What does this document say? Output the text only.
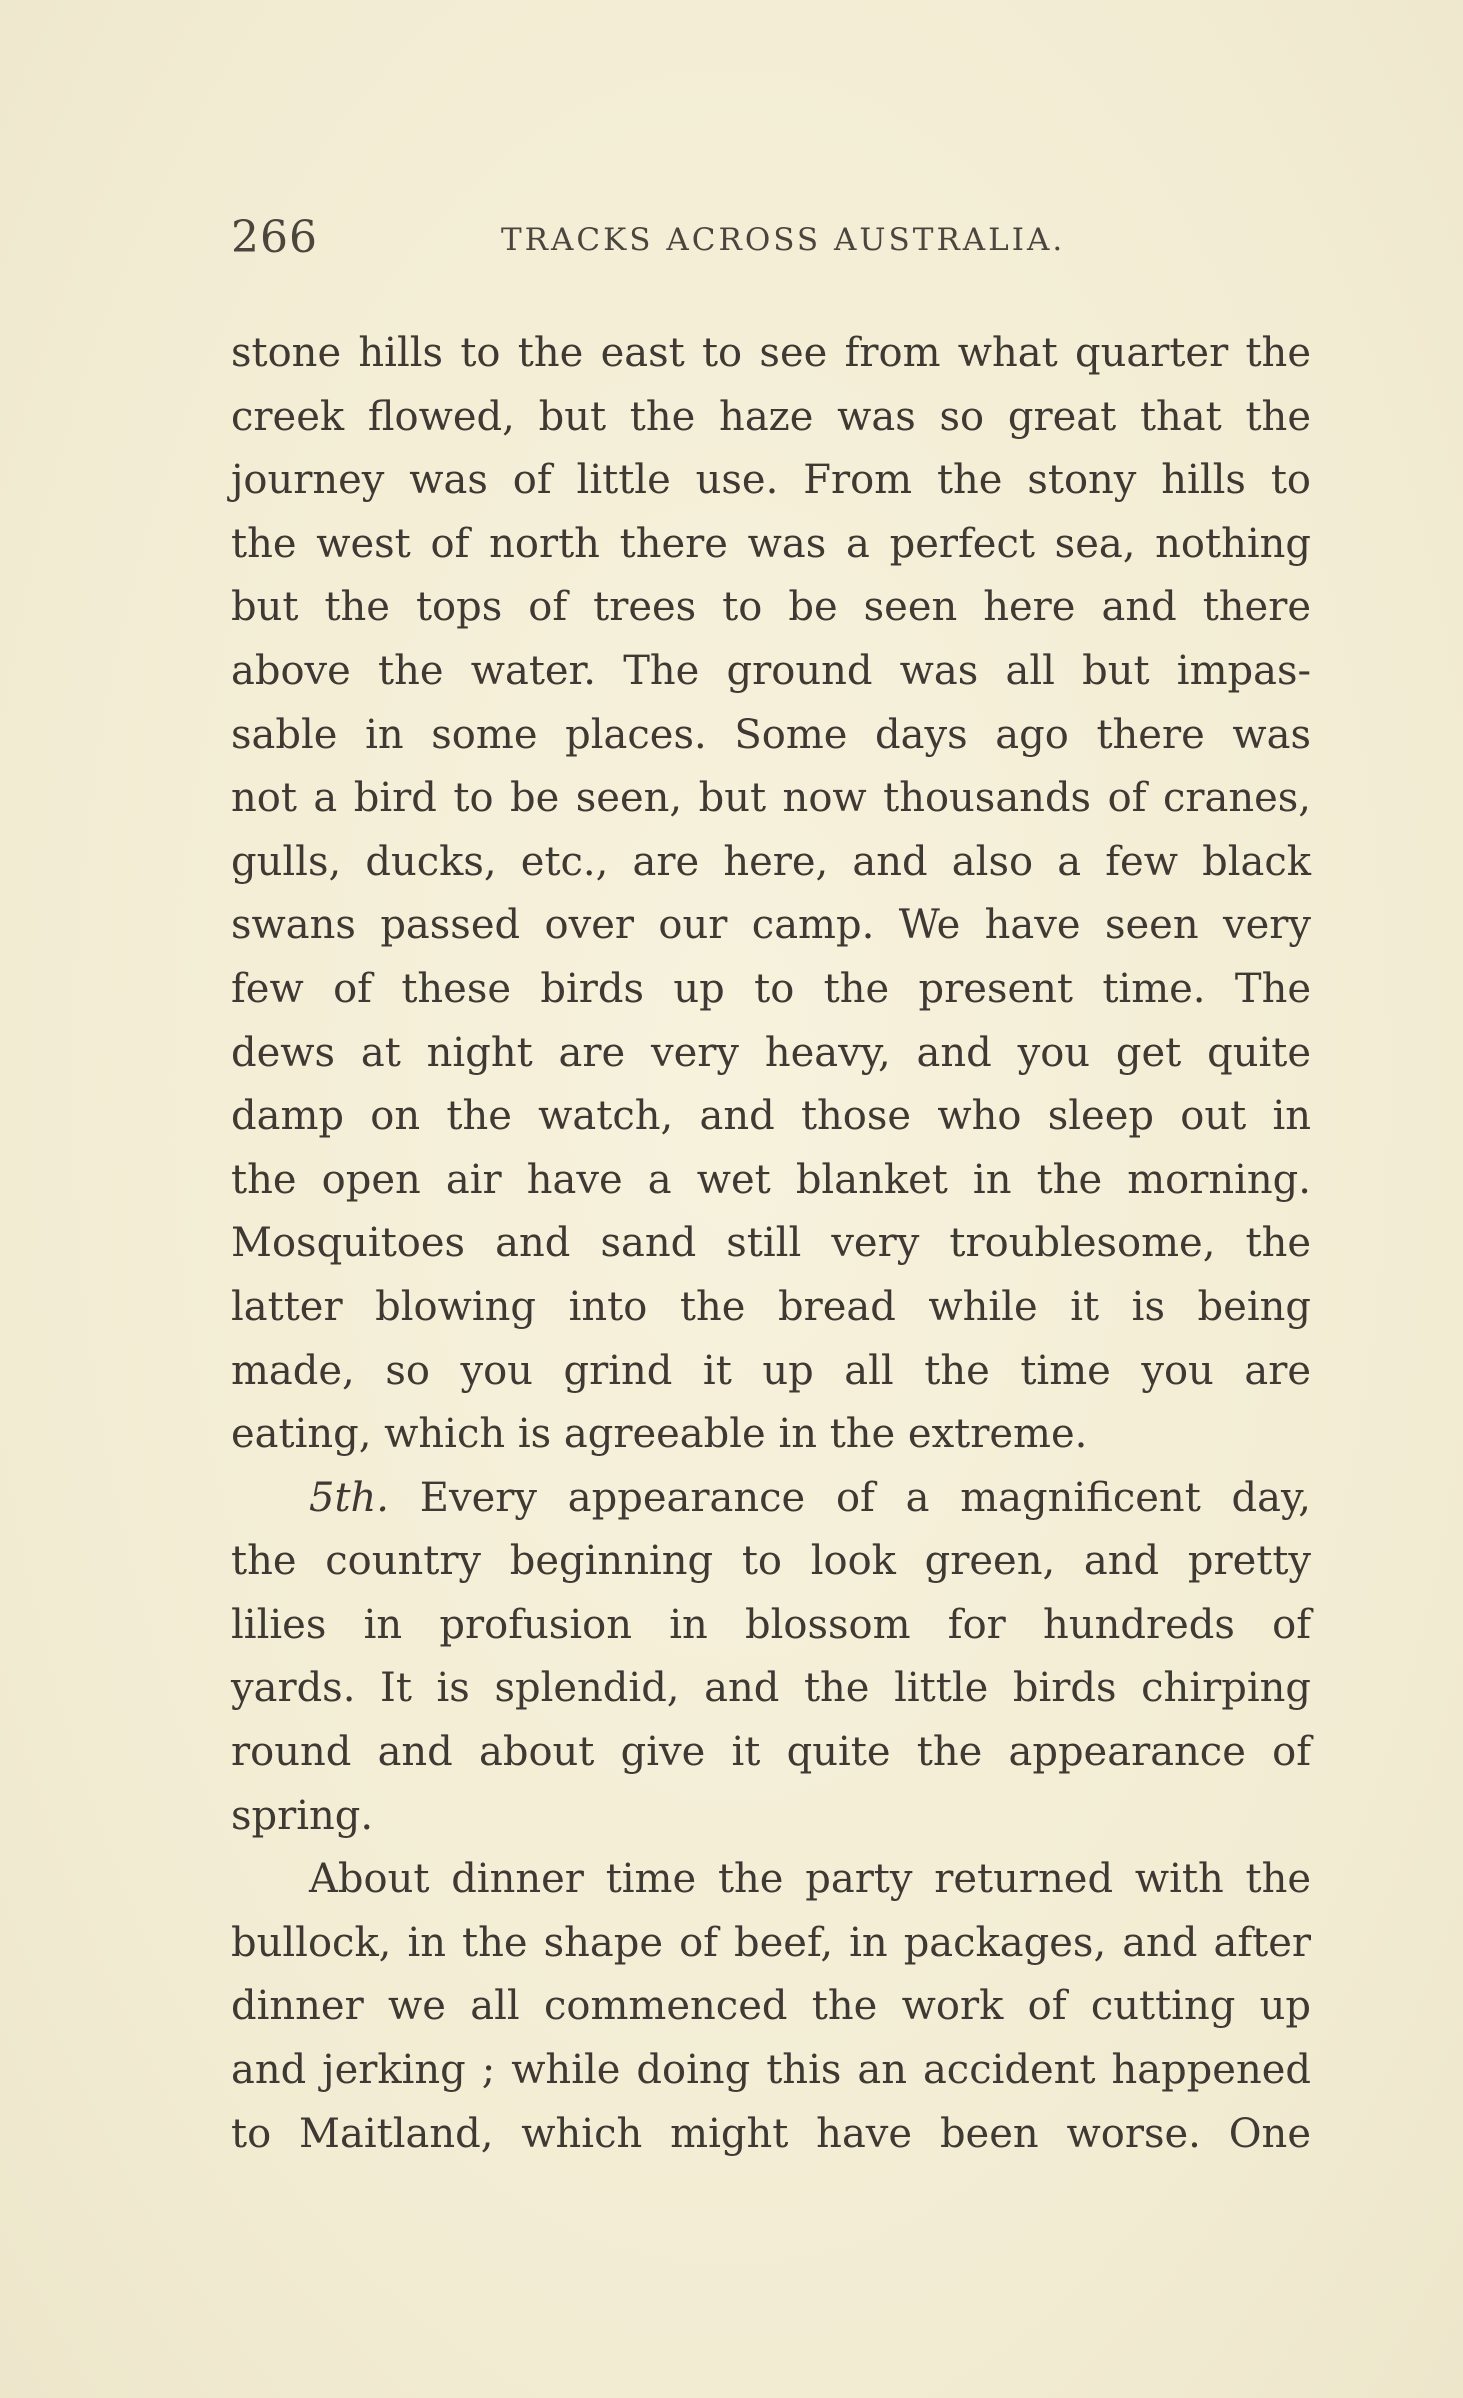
266	TRACKS ACROSS AUSTRALIA.
stone hills to the east to see from what quarter the
creek flowed, but the haze was so great that the
journey was of little use. From the stony hills to
the west of north there was a perfect sea, nothing
but the tops of trees to be seen here and there
above the water. The ground was all but impas-
sable in some places. Some days ago there was
not a bird to be seen, but now thousands of cranes,
gulls, ducks, etc., are here, and also a few black
swans passed over our camp. We have seen very
few of these birds up to the present time. The
dews at night are very heavy, and you get quite
damp on the watch, and those who sleep out in
the open air have a wet blanket in the morning.
Mosquitoes and sand still very troublesome, the
latter blowing into the bread while it is being
made, so you grind it up all the time you are
eating, which is agreeable in the extreme.
5th. Every appearance of a magnificent day,
the country beginning to look green, and pretty
lilies in profusion in blossom for hundreds of
yards. It is splendid, and the little birds chirping
round and about give it quite the appearance of
spring.
About dinner time the party returned with the
bullock, in the shape of beef, in packages, and after
dinner we all commenced the work of cutting up
and jerking ; while doing this an accident happened
to Maitland, which might have been worse. One
